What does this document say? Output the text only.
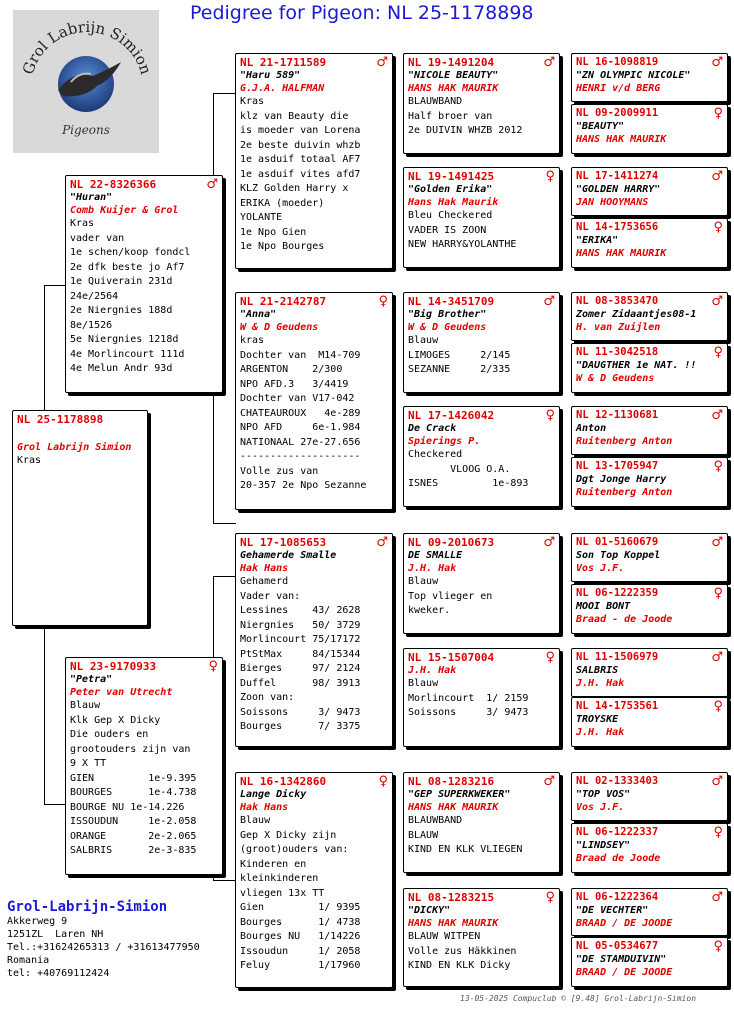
Pedigree for Pigeon: NL 25-1178898
Grol Labrijn Simion
Pigeons
NL 25-1178898

Grol Labrijn Simion
Kras
NL 22-8326366	♂
"Huran"
Comb Kuijer & Grol
Kras
vader van
1e schen/koop fondcl
2e dfk beste jo Af7
1e Quiverain 231d
24e/2564
2e Niergnies 188d
8e/1526
5e Niergnies 1218d
4e Morlincourt 111d
4e Melun Andr 93d
NL 23-9170933	♀
"Petra"
Peter van Utrecht
Blauw
Klk Gep X Dicky
Die ouders en
grootouders zijn van
9 X TT
GIEN         1e-9.395
BOURGES      1e-4.738
BOURGE NU 1e-14.226
ISSOUDUN     1e-2.058
ORANGE       2e-2.065
SALBRIS      2e-3-835
NL 21-1711589	♂
"Haru 589"
G.J.A. HALFMAN
Kras
klz van Beauty die
is moeder van Lorena
2e beste duivin whzb
1e asduif totaal AF7
1e asduif vites afd7
KLZ Golden Harry x
ERIKA (moeder)
YOLANTE
1e Npo Gien
1e Npo Bourges
NL 21-2142787	♀
"Anna"
W & D Geudens
kras
Dochter van  M14-709
ARGENTON    2/300
NPO AFD.3   3/4419
Dochter van V17-042
CHATEAUROUX   4e-289
NPO AFD     6e-1.984
NATIONAAL 27e-27.656
--------------------
Volle zus van
20-357 2e Npo Sezanne
NL 17-1085653	♂
Gehamerde Smalle
Hak Hans
Gehamerd
Vader van:
Lessines    43/ 2628
Niergnies   50/ 3729
Morlincourt 75/17172
PtStMax     84/15344
Bierges     97/ 2124
Duffel      98/ 3913
Zoon van:
Soissons     3/ 9473
Bourges      7/ 3375
NL 16-1342860	♀
Lange Dicky
Hak Hans
Blauw
Gep X Dicky zijn
(groot)ouders van:
Kinderen en
kleinkinderen
vliegen 13x TT
Gien         1/ 9395
Bourges      1/ 4738
Bourges NU   1/14226
Issoudun     1/ 2058
Feluy        1/17960
NL 19-1491204	♂
"NICOLE BEAUTY"
HANS HAK MAURIK
BLAUWBAND
Half broer van
2e DUIVIN WHZB 2012
NL 19-1491425	♀
"Golden Erika"
Hans Hak Maurik
Bleu Checkered
VADER IS ZOON
NEW HARRY&YOLANTHE
NL 14-3451709	♂
"Big Brother"
W & D Geudens
Blauw
LIMOGES     2/145
SEZANNE     2/335
NL 17-1426042	♀
De Crack
Spierings P.
Checkered
VLOOG O.A.
ISNES         1e-893
NL 09-2010673	♂
DE SMALLE
J.H. Hak
Blauw
Top vlieger en
kweker.
NL 15-1507004	♀
J.H. Hak
Blauw
Morlincourt  1/ 2159
Soissons     3/ 9473
NL 08-1283216	♂
"GEP SUPERKWEKER"
HANS HAK MAURIK
BLAUWBAND
BLAUW
KIND EN KLK VLIEGEN
NL 08-1283215	♀
"DICKY"
HANS HAK MAURIK
BLAUW WITPEN
Volle zus Häkkinen
KIND EN KLK Dicky
NL 16-1098819	♂
"ZN OLYMPIC NICOLE"
HENRI v/d BERG
NL 09-2009911	♀
"BEAUTY"
HANS HAK MAURIK
NL 17-1411274	♂
"GOLDEN HARRY"
JAN HOOYMANS
NL 14-1753656	♀
"ERIKA"
HANS HAK MAURIK
NL 08-3853470	♂
Zomer Zidaantjes08-1
H. van Zuijlen
NL 11-3042518	♀
"DAUGTHER 1e NAT. !!
W & D Geudens
NL 12-1130681	♂
Anton
Ruitenberg Anton
NL 13-1705947	♀
Dgt Jonge Harry
Ruitenberg Anton
NL 01-5160679	♂
Son Top Koppel
Vos J.F.
NL 06-1222359	♀
MOOI BONT
Braad - de Joode
NL 11-1506979	♂
SALBRIS
J.H. Hak
NL 14-1753561	♀
TROYSKE
J.H. Hak
NL 02-1333403	♂
"TOP VOS"
Vos J.F.
NL 06-1222337	♀
"LINDSEY"
Braad de Joode
NL 06-1222364	♂
"DE VECHTER"
BRAAD / DE JOODE
NL 05-0534677	♀
"DE STAMDUIVIN"
BRAAD / DE JOODE
Grol-Labrijn-Simion
Akkerweg 9
1251ZL  Laren NH
Tel.:+31624265313 / +31613477950
Romania
tel: +40769112424
13-05-2025 Compuclub © [9.48] Grol-Labrijn-Simion
